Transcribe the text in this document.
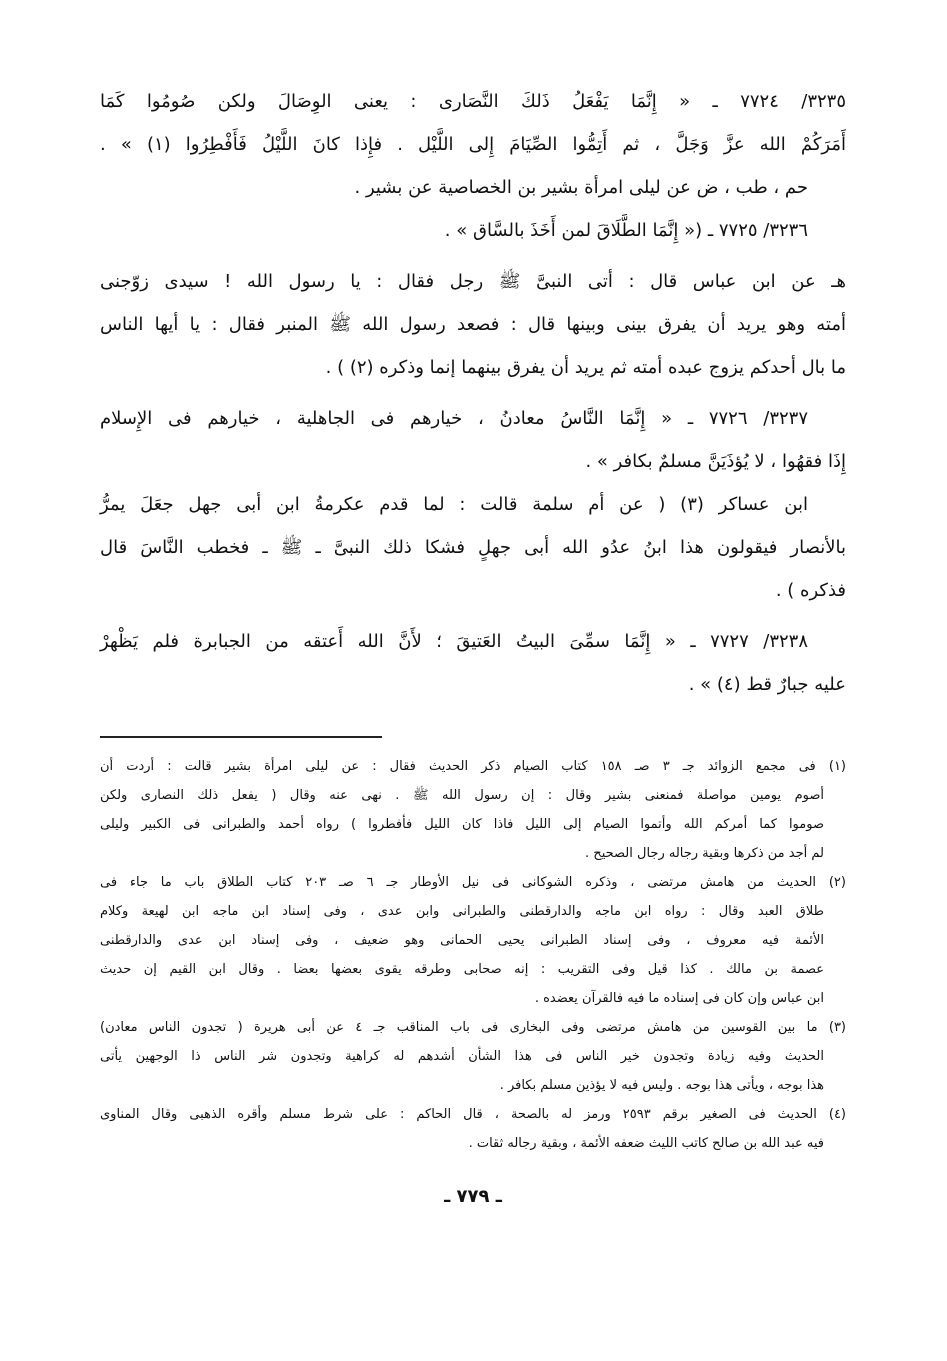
٣٢٣٥/ ٧٧٢٤ ـ « إِنَّمَا يَفْعَلُ ذَلكَ النَّصَارى : يعنى الوِصَالَ ولكن صُومُوا كَمَا
أَمَرَكُمْ الله عزَّ وَجَلَّ ، ثم أَتِمُّوا الصِّيَامَ إِلى اللَّيْل . فإِذا كانَ اللَّيْلُ فَأَفْطِرُوا (١) » .
حم ، طب ، ض عن ليلى امرأة بشير بن الخصاصية عن بشير .
٣٢٣٦/ ٧٧٢٥ ـ (« إِنَّمَا الطَّلَاقَ لمن أَخَذَ بالسَّاق » .
هـ عن ابن عباس قال : أتى النبىَّ ﷺ رجل فقال : يا رسول الله ! سيدى زوّجنى
أمته وهو يريد أن يفرق بينى وبينها قال : فصعد رسول الله ﷺ المنبر فقال : يا أيها الناس
ما بال أحدكم يزوج عبده أمته ثم يريد أن يفرق بينهما إنما وذكره (٢) ) .
٣٢٣٧/ ٧٧٢٦ ـ « إِنَّمَا النَّاسُ معادنُ ، خيارهم فى الجاهلية ، خيارهم فى الإِسلام
إِذَا فقهُوا ، لا يُؤذَيَنَّ مسلمٌ بكافر » .
ابن عساكر (٣) ( عن أم سلمة قالت : لما قدم عكرمةُ ابن أبى جهل جعَلَ يمرُّ
بالأنصار فيقولون هذا ابنُ عدُو الله أبى جهلٍ فشكا ذلك النبىَّ ـ ﷺ ـ فخطب النَّاسَ قال
فذكره ) .
٣٢٣٨/ ٧٧٢٧ ـ « إِنَّمَا سمِّىَ البيتُ العَتيقَ ؛ لأَنَّ الله أَعتقه من الجبابرة فلم يَظْهرْ
عليه جبارٌ قط (٤) » .
(١) فى مجمع الزوائد جـ ٣ صـ ١٥٨ كتاب الصيام ذكر الحديث فقال : عن ليلى امرأة بشير قالت : أردت أن
أصوم يومين مواصلة فمنعنى بشير وقال : إن رسول الله ﷺ . نهى عنه وقال ( يفعل ذلك النصارى ولكن
صوموا كما أمركم الله وأتموا الصيام إلى الليل فاذا كان الليل فأفطروا ) رواه أحمد والطبرانى فى الكبير وليلى
لم أجد من ذكرها وبقية رجاله رجال الصحيح .
(٢) الحديث من هامش مرتضى ، وذكره الشوكانى فى نيل الأوطار جـ ٦ صـ ٢٠٣ كتاب الطلاق باب ما جاء فى
طلاق العبد وقال : رواه ابن ماجه والدارقطنى والطبرانى وابن عدى ، وفى إسناد ابن ماجه ابن لهيعة وكلام
الأئمة فيه معروف ، وفى إسناد الطبرانى يحيى الحمانى وهو ضعيف ، وفى إسناد ابن عدى والدارقطنى
عصمة بن مالك . كذا قيل وفى التقريب : إنه صحابى وطرقه يقوى بعضها بعضا . وقال ابن القيم إن حديث
ابن عباس وإن كان فى إسناده ما فيه فالقرآن يعضده .
(٣) ما بين القوسين من هامش مرتضى وفى البخارى فى باب المناقب جـ ٤ عن أبى هريرة ( تجدون الناس معادن)
الحديث وفيه زيادة وتجدون خير الناس فى هذا الشأن أشدهم له كراهية وتجدون شر الناس ذا الوجهين يأتى
هذا بوجه ، ويأتى هذا بوجه . وليس فيه لا يؤذين مسلم بكافر .
(٤) الحديث فى الصغير برقم ٢٥٩٣ ورمز له بالصحة ، قال الحاكم : على شرط مسلم وأقره الذهبى وقال المناوى
فيه عبد الله بن صالح كاتب الليث ضعفه الأئمة ، وبقية رجاله ثقات .
ـ ٧٧٩ ـ
